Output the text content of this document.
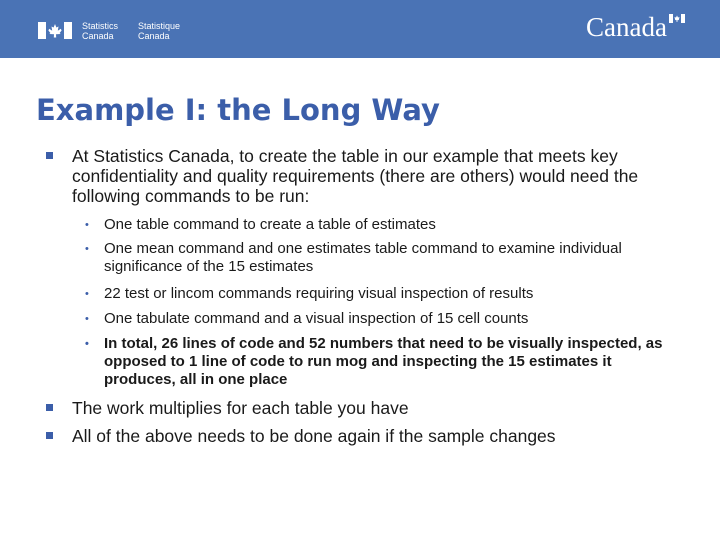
Statistics
Canada
Statistique
Canada	Canada
Example I: the Long Way
At Statistics Canada, to create the table in our example that meets key confidentiality and quality requirements (there are others) would need the following commands to be run:
• One table command to create a table of estimates
• One mean command and one estimates table command to examine individual significance of the 15 estimates
• 22 test or lincom commands requiring visual inspection of results
• One tabulate command and a visual inspection of 15 cell counts
• In total, 26 lines of code and 52 numbers that need to be visually inspected, as opposed to 1 line of code to run mog and inspecting the 15 estimates it produces, all in one place
The work multiplies for each table you have
All of the above needs to be done again if the sample changes
